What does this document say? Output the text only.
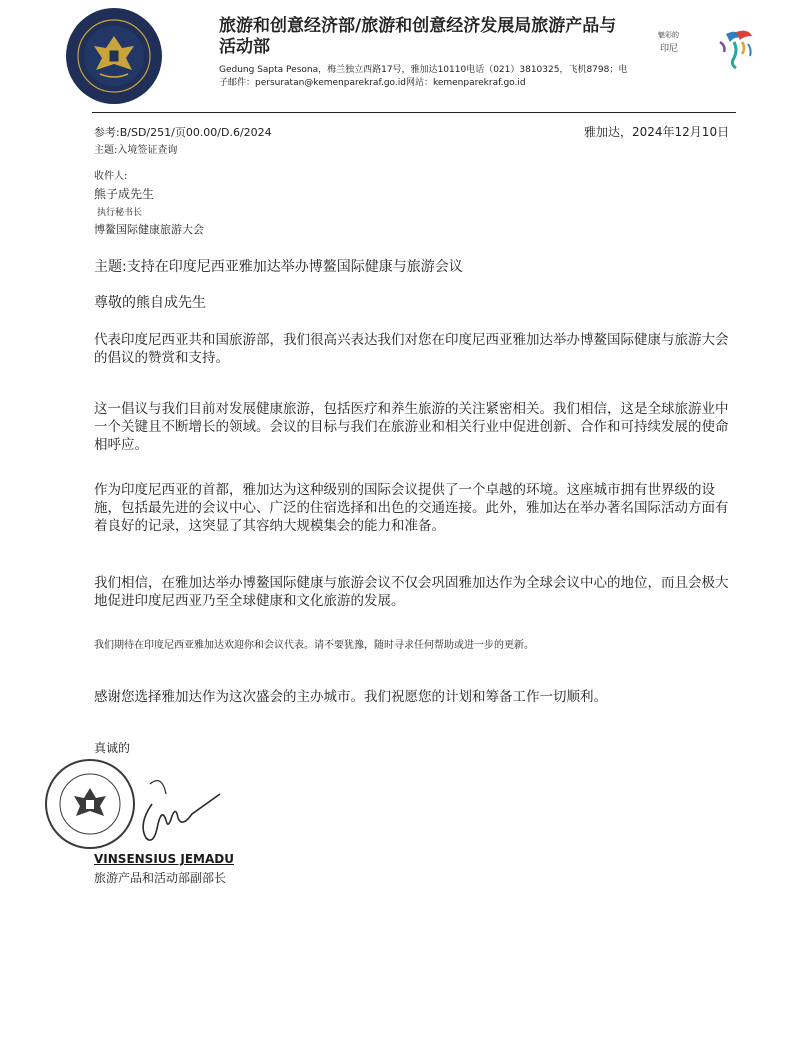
旅游和创意经济部/旅游和创意经济发展局旅游产品与活动部
Gedung Sapta Pesona，梅兰独立西路17号，雅加达10110电话（021）3810325，飞机8798；电
子邮件：persuratan@kemenparekraf.go.id网站：kemenparekraf.go.id
魅彩的
印尼
参考:B/SD/251/页00.00/D.6/2024
主题:入境签证查询
雅加达，2024年12月10日
收件人:
熊子成先生
执行秘书长
博鳌国际健康旅游大会
主题:支持在印度尼西亚雅加达举办博鳌国际健康与旅游会议
尊敬的熊自成先生
代表印度尼西亚共和国旅游部，我们很高兴表达我们对您在印度尼西亚雅加达举办博鳌国际健康与旅游大会的倡议的赞赏和支持。
这一倡议与我们目前对发展健康旅游，包括医疗和养生旅游的关注紧密相关。我们相信，这是全球旅游业中一个关键且不断增长的领域。会议的目标与我们在旅游业和相关行业中促进创新、合作和可持续发展的使命相呼应。
作为印度尼西亚的首都，雅加达为这种级别的国际会议提供了一个卓越的环境。这座城市拥有世界级的设施，包括最先进的会议中心、广泛的住宿选择和出色的交通连接。此外，雅加达在举办著名国际活动方面有着良好的记录，这突显了其容纳大规模集会的能力和准备。
我们相信，在雅加达举办博鳌国际健康与旅游会议不仅会巩固雅加达作为全球会议中心的地位，而且会极大地促进印度尼西亚乃至全球健康和文化旅游的发展。
我们期待在印度尼西亚雅加达欢迎你和会议代表。请不要犹豫，随时寻求任何帮助或进一步的更新。
感谢您选择雅加达作为这次盛会的主办城市。我们祝愿您的计划和筹备工作一切顺利。
真诚的
VINSENSIUS JEMADU
旅游产品和活动部副部长
